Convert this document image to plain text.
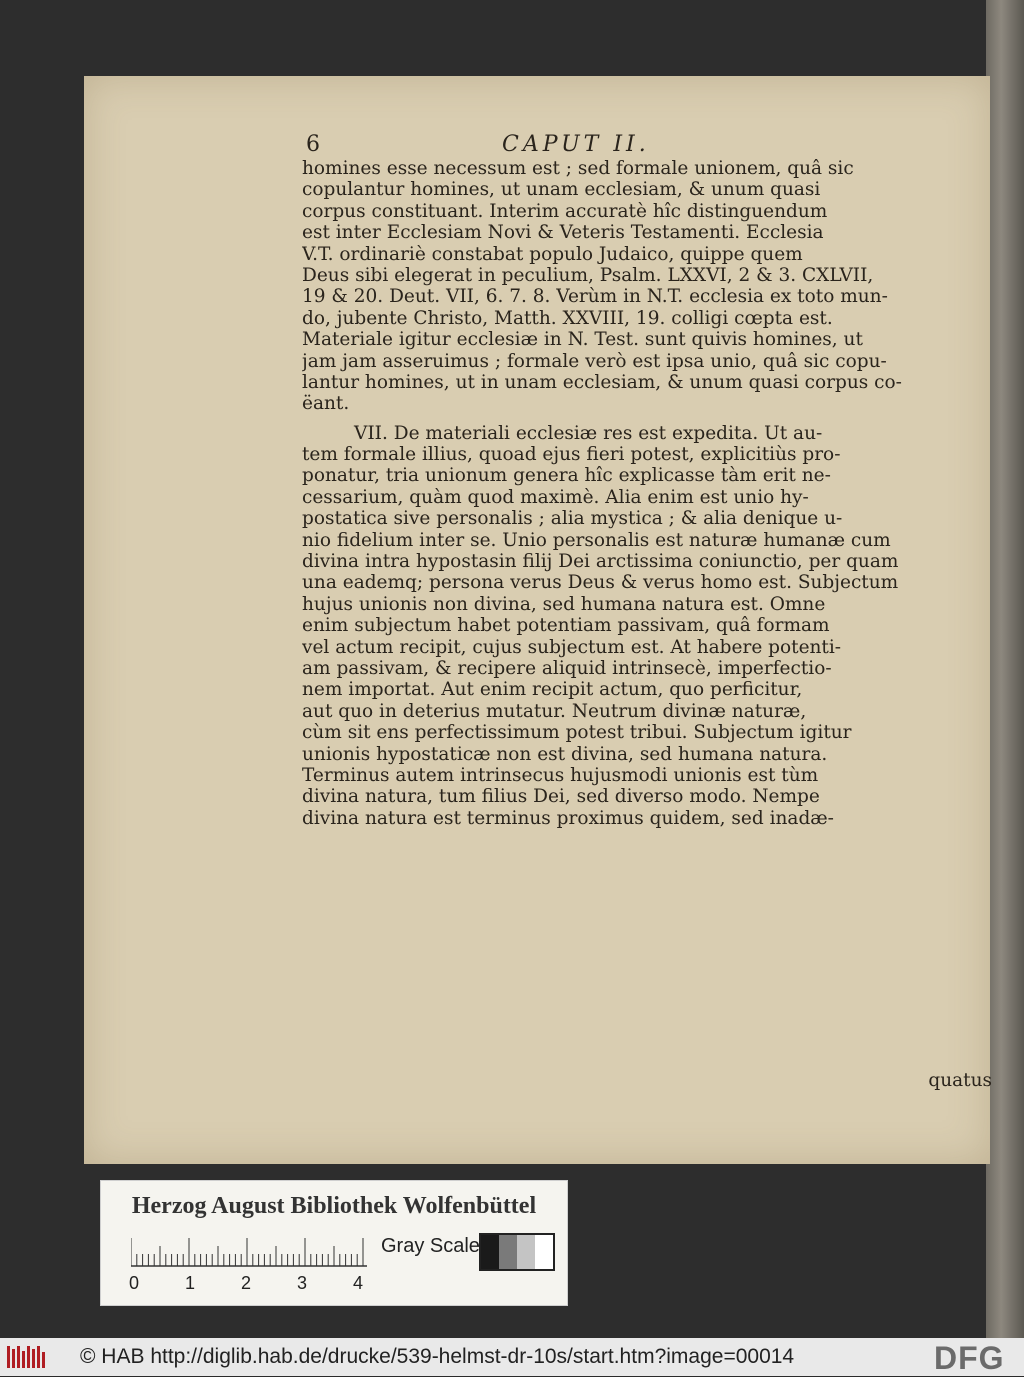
6	CAPUT II.
homines esse necessum est ; sed formale unionem, quâ sic
copulantur homines, ut unam ecclesiam, & unum quasi
corpus constituant. Interim accuratè hîc distinguendum
est inter Ecclesiam Novi & Veteris Testamenti. Ecclesia
V.T. ordinariè constabat populo Judaico, quippe quem
Deus sibi elegerat in peculium, Psalm. LXXVI, 2 & 3. CXLVII,
19 & 20. Deut. VII, 6. 7. 8. Verùm in N.T. ecclesia ex toto mun-
do, jubente Christo, Matth. XXVIII, 19. colligi cœpta est.
Materiale igitur ecclesiæ in N. Test. sunt quivis homines, ut
jam jam asseruimus ; formale verò est ipsa unio, quâ sic copu-
lantur homines, ut in unam ecclesiam, & unum quasi corpus co-
ëant.
VII. De materiali ecclesiæ res est expedita. Ut au-
tem formale illius, quoad ejus fieri potest, explicitiùs pro-
ponatur, tria unionum genera hîc explicasse tàm erit ne-
cessarium, quàm quod maximè. Alia enim est unio hy-
postatica sive personalis ; alia mystica ; & alia denique u-
nio fidelium inter se. Unio personalis est naturæ humanæ cum
divina intra hypostasin filij Dei arctissima coniunctio, per quam
una eademq; persona verus Deus & verus homo est. Subjectum
hujus unionis non divina, sed humana natura est. Omne
enim subjectum habet potentiam passivam, quâ formam
vel actum recipit, cujus subjectum est. At habere potenti-
am passivam, & recipere aliquid intrinsecè, imperfectio-
nem importat. Aut enim recipit actum, quo perficitur,
aut quo in deterius mutatur. Neutrum divinæ naturæ,
cùm sit ens perfectissimum potest tribui. Subjectum igitur
unionis hypostaticæ non est divina, sed humana natura.
Terminus autem intrinsecus hujusmodi unionis est tùm
divina natura, tum filius Dei, sed diverso modo. Nempe
divina natura est terminus proximus quidem, sed inadæ-
quatus
Herzog August Bibliothek Wolfenbüttel
0	1	2	3	4
Gray Scale
© HAB http://diglib.hab.de/drucke/539-helmst-dr-10s/start.htm?image=00014	DFG
